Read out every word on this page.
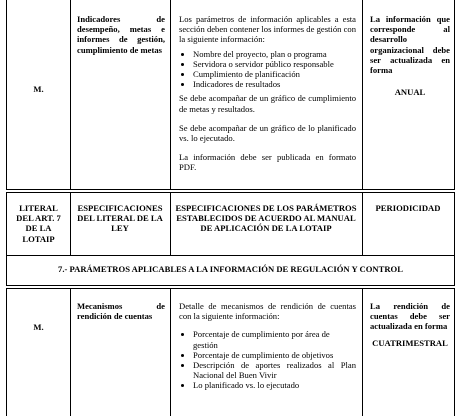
M.

Indicadores de desempeño, metas e informes de gestión, cumplimiento de metas

Los parámetros de información aplicables a esta sección deben contener los informes de gestión con la siguiente información:

• Nombre del proyecto, plan o programa
• Servidora o servidor público responsable
• Cumplimiento de planificación
• Indicadores de resultados

Se debe acompañar de un gráfico de cumplimiento de metas y resultados.

Se debe acompañar de un gráfico de lo planificado vs. lo ejecutado.

La información debe ser publicada en formato PDF.

La información que corresponde al desarrollo organizacional debe ser actualizada en forma

ANUAL

LITERAL DEL ART. 7 DE LA LOTAIP

ESPECIFICACIONES DEL LITERAL DE LA LEY

ESPECIFICACIONES DE LOS PARÁMETROS ESTABLECIDOS DE ACUERDO AL MANUAL DE APLICACIÓN DE LA LOTAIP

PERIODICIDAD

7.- PARÁMETROS APLICABLES A LA INFORMACIÓN DE REGULACIÓN Y CONTROL
M.

Mecanismos de rendición de cuentas

Detalle de mecanismos de rendición de cuentas con la siguiente información:

• Porcentaje de cumplimiento por área de gestión
• Porcentaje de cumplimiento de objetivos
• Descripción de aportes realizados al Plan Nacional del Buen Vivir
• Lo planificado vs. lo ejecutado

La rendición de cuentas debe ser actualizada en forma

CUATRIMESTRAL
